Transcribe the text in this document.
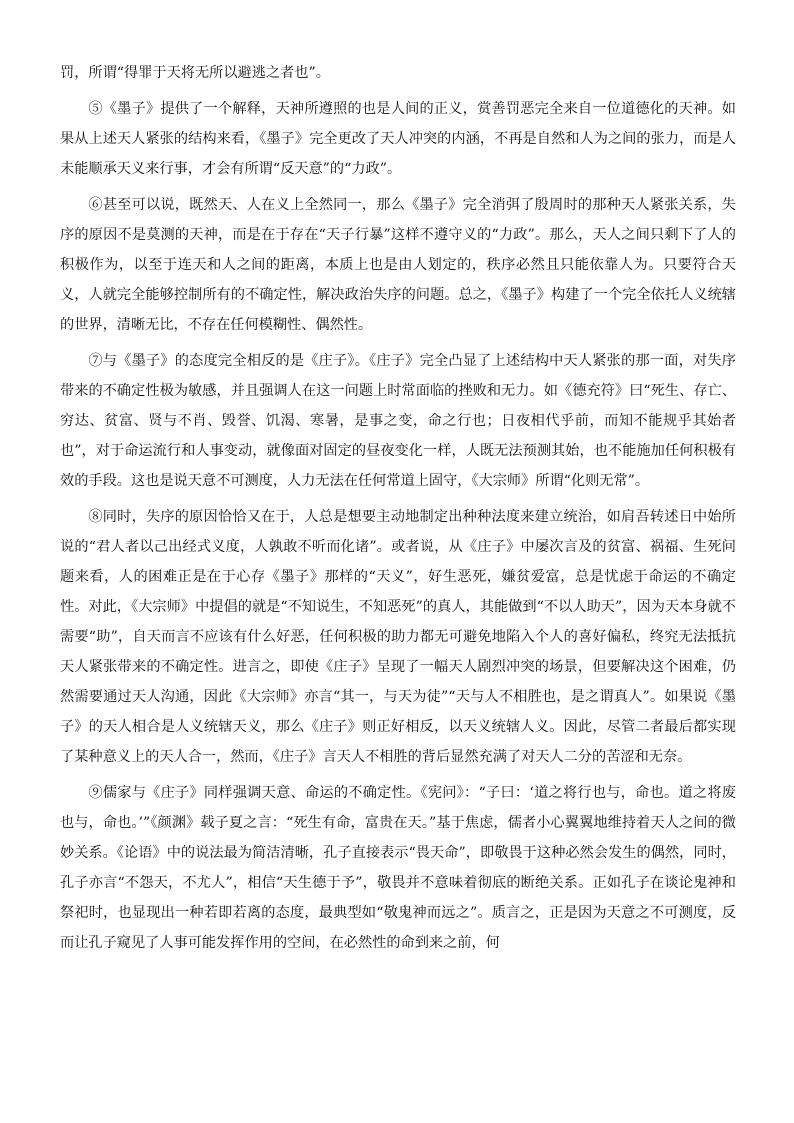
罚，所谓“得罪于天将无所以避逃之者也”。

⑤《墨子》提供了一个解释，天神所遵照的也是人间的正义，赏善罚恶完全来自一位道德化的天神。如果从上述天人紧张的结构来看，《墨子》完全更改了天人冲突的内涵，不再是自然和人为之间的张力，而是人未能顺承天义来行事，才会有所谓“反天意”的“力政”。

⑥甚至可以说，既然天、人在义上全然同一，那么《墨子》完全消弭了殷周时的那种天人紧张关系，失序的原因不是莫测的天神，而是在于存在“天子行暴”这样不遵守义的“力政”。那么，天人之间只剩下了人的积极作为，以至于连天和人之间的距离，本质上也是由人划定的，秩序必然且只能依靠人为。只要符合天义，人就完全能够控制所有的不确定性，解决政治失序的问题。总之，《墨子》构建了一个完全依托人义统辖的世界，清晰无比，不存在任何模糊性、偶然性。

⑦与《墨子》的态度完全相反的是《庄子》。《庄子》完全凸显了上述结构中天人紧张的那一面，对失序带来的不确定性极为敏感，并且强调人在这一问题上时常面临的挫败和无力。如《德充符》曰“死生、存亡、穷达、贫富、贤与不肖、毁誉、饥渴、寒暑，是事之变，命之行也；日夜相代乎前，而知不能规乎其始者也”，对于命运流行和人事变动，就像面对固定的昼夜变化一样，人既无法预测其始，也不能施加任何积极有效的手段。这也是说天意不可测度，人力无法在任何常道上固守，《大宗师》所谓“化则无常”。

⑧同时，失序的原因恰恰又在于，人总是想要主动地制定出种种法度来建立统治，如肩吾转述日中始所说的“君人者以己出经式义度，人孰敢不听而化诸”。或者说，从《庄子》中屡次言及的贫富、祸福、生死问题来看，人的困难正是在于心存《墨子》那样的“天义”，好生恶死，嫌贫爱富，总是忧虑于命运的不确定性。对此，《大宗师》中提倡的就是“不知说生，不知恶死”的真人，其能做到“不以人助天”，因为天本身就不需要“助”，自天而言不应该有什么好恶，任何积极的助力都无可避免地陷入个人的喜好偏私，终究无法抵抗天人紧张带来的不确定性。进言之，即使《庄子》呈现了一幅天人剧烈冲突的场景，但要解决这个困难，仍然需要通过天人沟通，因此《大宗师》亦言“其一，与天为徒”“天与人不相胜也，是之谓真人”。如果说《墨子》的天人相合是人义统辖天义，那么《庄子》则正好相反，以天义统辖人义。因此，尽管二者最后都实现了某种意义上的天人合一，然而，《庄子》言天人不相胜的背后显然充满了对天人二分的苦涩和无奈。

⑨儒家与《庄子》同样强调天意、命运的不确定性。《宪问》：“子曰：‘道之将行也与，命也。道之将废也与，命也。’”《颜渊》载子夏之言：“死生有命，富贵在天。”基于焦虑，儒者小心翼翼地维持着天人之间的微妙关系。《论语》中的说法最为简洁清晰，孔子直接表示“畏天命”，即敬畏于这种必然会发生的偶然，同时，孔子亦言“不怨天，不尤人”，相信“天生德于予”，敬畏并不意味着彻底的断绝关系。正如孔子在谈论鬼神和祭祀时，也显现出一种若即若离的态度，最典型如“敬鬼神而远之”。质言之，正是因为天意之不可测度，反而让孔子窥见了人事可能发挥作用的空间，在必然性的命到来之前，何
